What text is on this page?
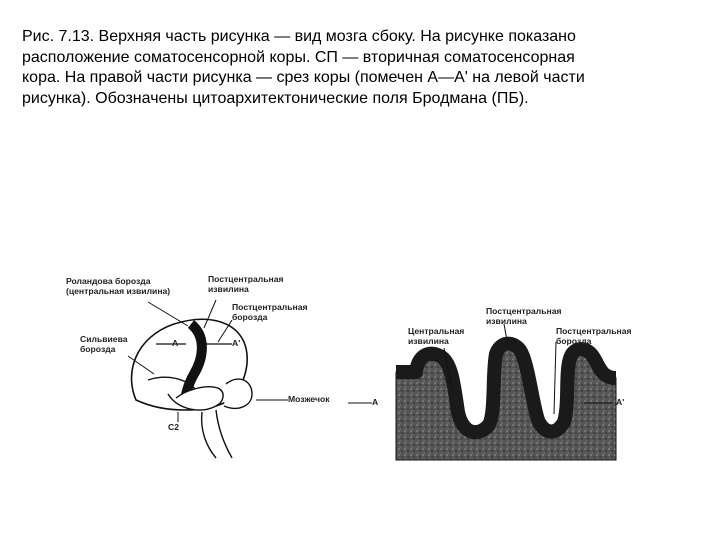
Рис. 7.13. Верхняя часть рисунка — вид мозга сбоку. На рисунке показано
расположение соматосенсорной коры. СП — вторичная соматосенсорная
кора. На правой части рисунка — срез коры (помечен А—А' на левой части
рисунка). Обозначены цитоархитектонические поля Бродмана (ПБ).
Роландова борозда
(центральная извилина)
Постцентральная
извилина
Постцентральная
борозда
Сильвиева
борозда
Мозжечок
С2
А	А'
Центральная
извилина
Постцентральная
извилина
Постцентральная
борозда
А	А'
